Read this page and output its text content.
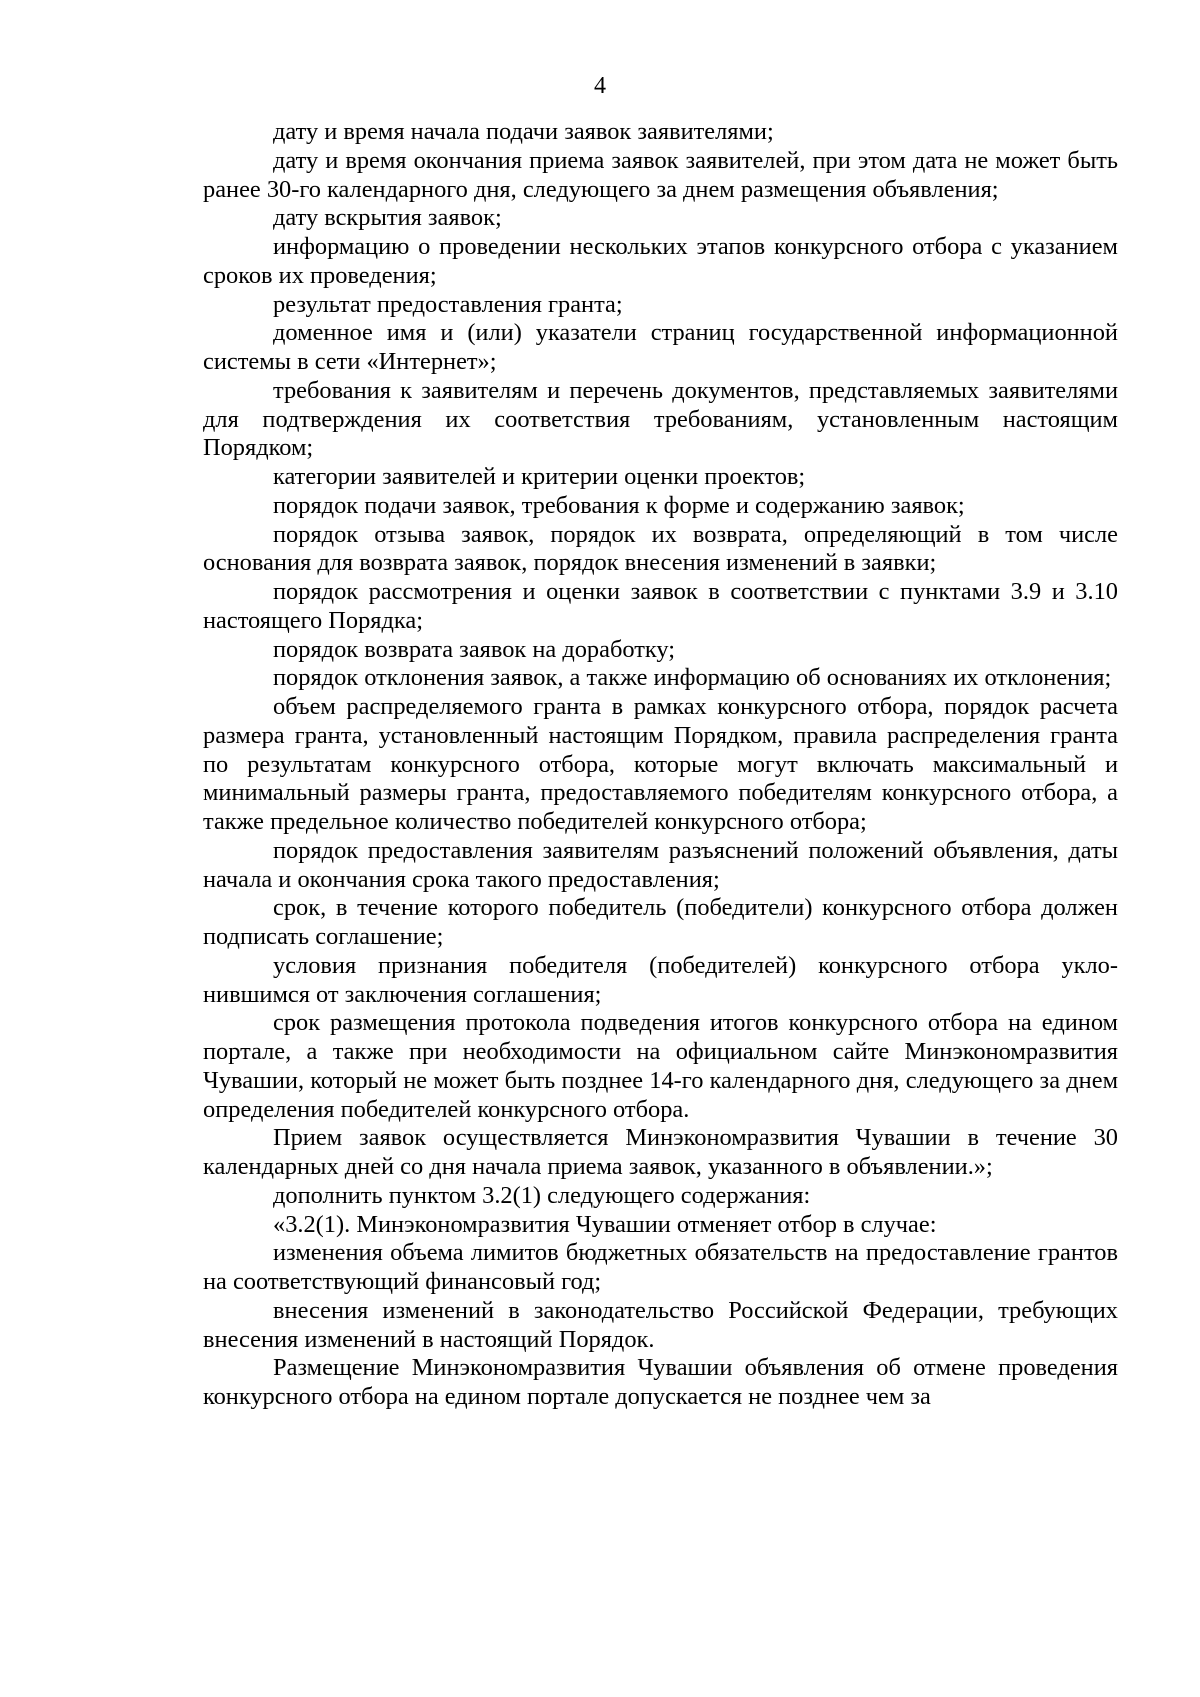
4

дату и время начала подачи заявок заявителями;

дату и время окончания приема заявок заявителей, при этом дата не может быть ранее 30-го календарного дня, следующего за днем размещения объявления;

дату вскрытия заявок;

информацию о проведении нескольких этапов конкурсного отбора с указанием сроков их проведения;

результат предоставления гранта;

доменное имя и (или) указатели страниц государственной информационной системы в сети «Интернет»;

требования к заявителям и перечень документов, представляемых заявителями для подтверждения их соответствия требованиям, установленным настоящим Порядком;

категории заявителей и критерии оценки проектов;

порядок подачи заявок, требования к форме и содержанию заявок;

порядок отзыва заявок, порядок их возврата, определяющий в том числе основания для возврата заявок, порядок внесения изменений в заявки;

порядок рассмотрения и оценки заявок в соответствии с пунктами 3.9 и 3.10 настоящего Порядка;

порядок возврата заявок на доработку;

порядок отклонения заявок, а также информацию об основаниях их отклонения;

объем распределяемого гранта в рамках конкурсного отбора, порядок расчета размера гранта, установленный настоящим Порядком, правила распределения гранта по результатам конкурсного отбора, которые могут включать максимальный и минимальный размеры гранта, предоставляемого победителям конкурсного отбора, а также предельное количество победителей конкурсного отбора;

порядок предоставления заявителям разъяснений положений объявления, даты начала и окончания срока такого предоставления;

срок, в течение которого победитель (победители) конкурсного отбора должен подписать соглашение;

условия признания победителя (победителей) конкурсного отбора уклонившимся от заключения соглашения;

срок размещения протокола подведения итогов конкурсного отбора на едином портале, а также при необходимости на официальном сайте Минэкономразвития Чувашии, который не может быть позднее 14-го календарного дня, следующего за днем определения победителей конкурсного отбора.

Прием заявок осуществляется Минэкономразвития Чувашии в течение 30 календарных дней со дня начала приема заявок, указанного в объявлении.»;

дополнить пунктом 3.2(1) следующего содержания:

«3.2(1). Минэкономразвития Чувашии отменяет отбор в случае:

изменения объема лимитов бюджетных обязательств на предоставление грантов на соответствующий финансовый год;

внесения изменений в законодательство Российской Федерации, требующих внесения изменений в настоящий Порядок.

Размещение Минэкономразвития Чувашии объявления об отмене проведения конкурсного отбора на едином портале допускается не позднее чем за
